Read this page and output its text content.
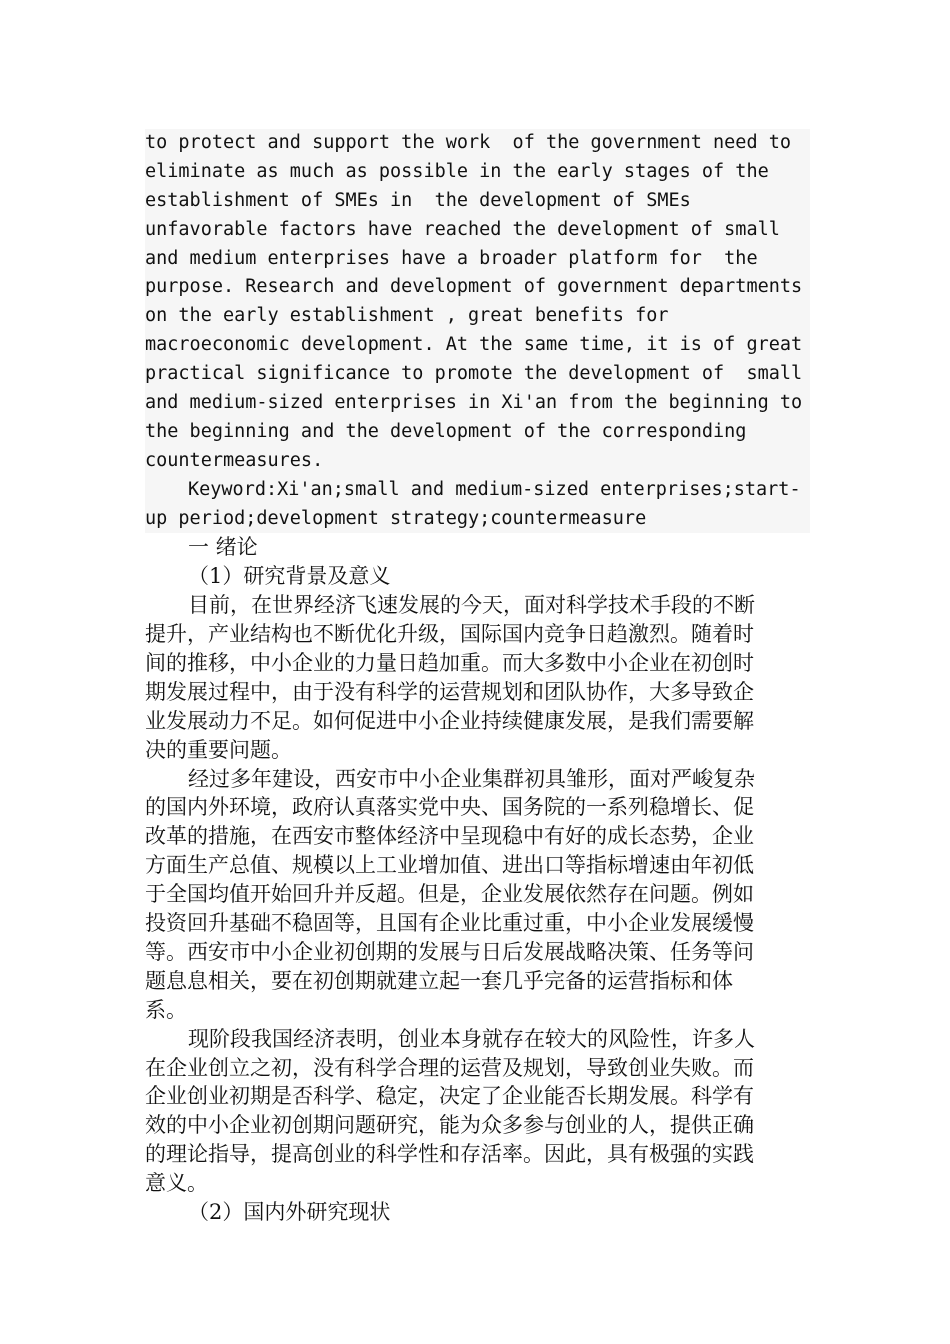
to protect and support the work  of the government need to
eliminate as much as possible in the early stages of the
establishment of SMEs in  the development of SMEs
unfavorable factors have reached the development of small
and medium enterprises have a broader platform for  the
purpose. Research and development of government departments
on the early establishment , great benefits for
macroeconomic development. At the same time, it is of great
practical significance to promote the development of  small
and medium-sized enterprises in Xi'an from the beginning to
the beginning and the development of the corresponding
countermeasures.
Keyword:Xi'an;small and medium-sized enterprises;start-
up period;development strategy;countermeasure
一 绪论
（1）研究背景及意义
目前，在世界经济飞速发展的今天，面对科学技术手段的不断
提升，产业结构也不断优化升级，国际国内竞争日趋激烈。随着时
间的推移，中小企业的力量日趋加重。而大多数中小企业在初创时
期发展过程中，由于没有科学的运营规划和团队协作，大多导致企
业发展动力不足。如何促进中小企业持续健康发展，是我们需要解
决的重要问题。
经过多年建设，西安市中小企业集群初具雏形，面对严峻复杂
的国内外环境，政府认真落实党中央、国务院的一系列稳增长、促
改革的措施，在西安市整体经济中呈现稳中有好的成长态势，企业
方面生产总值、规模以上工业增加值、进出口等指标增速由年初低
于全国均值开始回升并反超。但是，企业发展依然存在问题。例如
投资回升基础不稳固等，且国有企业比重过重，中小企业发展缓慢
等。西安市中小企业初创期的发展与日后发展战略决策、任务等问
题息息相关，要在初创期就建立起一套几乎完备的运营指标和体
系。
现阶段我国经济表明，创业本身就存在较大的风险性，许多人
在企业创立之初，没有科学合理的运营及规划，导致创业失败。而
企业创业初期是否科学、稳定，决定了企业能否长期发展。科学有
效的中小企业初创期问题研究，能为众多参与创业的人，提供正确
的理论指导，提高创业的科学性和存活率。因此，具有极强的实践
意义。
（2）国内外研究现状
